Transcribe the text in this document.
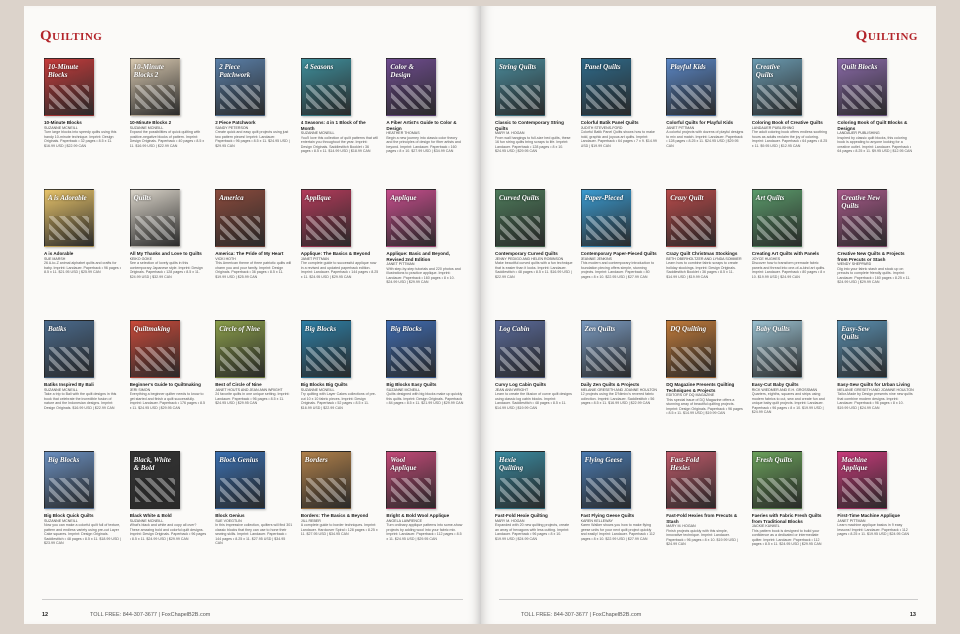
Quilting
10-Minute Blocks
10-Minute Blocks
SUZANNE MCNEILL
Turn large blocks into speedy quilts using this handy 10-minute technique. Imprint: Design Originals. Paperback • 32 pages • 8.5 x 11. $16.99 USD | $22.99 CAN
10-Minute Blocks 2
10-Minute Blocks 2
SUZANNE MCNEILL
Expand the possibilities of quick quilting with positive-negative blocks of pattern. Imprint: Design Originals. Paperback • 40 pages • 8.5 x 11. $16.99 USD | $22.99 CAN
2 Piece Patchwork
2 Piece Patchwork
SANDY PETERSON
Create quick and easy quilt projects using just two pattern pieces! Imprint: Landauer. Paperback • 96 pages • 8.5 x 11. $24.95 USD | $29.95 CAN
4 Seasons
4 Seasons: 4 in 1 Block of the Month
SUZANNE MCNEILL
You'll love this collection of quilt patterns that will entertain you throughout the year. Imprint: Design Originals. Saddlestitch Booklet • 36 pages • 8.5 x 11. $14.99 USD | $18.99 CAN
Color & Design
A Fiber Artist's Guide to Color & Design
HEATHER THOMAS
Begin a new journey into classic color theory and the principles of design for fiber artists and beyond. Imprint: Landauer. Paperback • 160 pages • 8 x 10. $27.99 USD | $34.99 CAN
A is Adorable
A is Adorable
SUE MARSH
26 A-to-Z animal alphabet quilts and crafts for baby. Imprint: Landauer. Paperback • 96 pages • 8.5 x 11. $21.95 USD | $25.99 CAN
Quilts
All My Thanks and Love to Quilts
KEIKO GOKE
See a selection of lovely quilts in this contemporary Japanese style. Imprint: Design Originals. Paperback • 128 pages • 8.5 x 11. $24.99 USD | $32.99 CAN
America
America: The Pride of My Heart
VICKI HOTH
This American theme of three patriotic quilts will charm you and your family. Imprint: Design Originals. Paperback • 36 pages • 8.5 x 11. $19.99 USD | $25.99 CAN
Applique
Applique: The Basics & Beyond
JANET PITTMAN
The complete guide to successful applique now in a revised and updated paperback edition. Imprint: Landauer. Paperback • 144 pages • 8.25 x 11. $24.95 USD | $29.95 CAN
Applique
Applique: Basic and Beyond, Revised 2nd Edition
JANET PITTMAN
With step-by-step tutorials and 220 photos and illustrations to practice applique. Imprint: Landauer. Paperback • 160 pages • 8 x 10. $24.99 USD | $29.99 CAN
Batiks
Batiks Inspired By Bali
SUZANNE MCNEILL
Take a trip to Bali with the quilt designs in this book that celebrate the incredible fusion of nature and the Indonesian designs. Imprint: Design Originals. $16.99 USD | $22.99 CAN
Quiltmaking
Beginner's Guide to Quiltmaking
JERI SIMON
Everything a beginner quilter needs to know to get started and finish a quilt successfully. Imprint: Landauer. Paperback • 176 pages • 8.5 x 11. $24.95 USD | $29.95 CAN
Circle of Nine
Best of Circle of Nine
JANET HOUTS AND JEAN ANN WRIGHT
24 favorite quilts in one unique setting. Imprint: Landauer. Paperback • 96 pages • 8.5 x 11. $24.95 USD | $29.95 CAN
Big Blocks
Big Blocks Big Quilts
SUZANNE MCNEILL
Try quilting with Layer Cakes collections of pre-cut 10 x 10 fabric pieces. Imprint: Design Originals. Paperback • 52 pages • 8.5 x 11. $16.99 USD | $22.99 CAN
Big Blocks
Big Blocks Easy Quilts
SUZANNE MCNEILL
Quilts designed with big blocks make up quickly this quilts. Imprint: Design Originals. Paperback • 84 pages • 8.5 x 11. $21.99 USD | $29.99 CAN
Big Blocks
Big Block Quick Quilts
SUZANNE MCNEILL
Now you can make a colorful quilt full of texture, pattern and endless variety using pre-cut Layer Cake squares. Imprint: Design Originals. Saddlestitch • 48 pages • 8.5 x 11. $18.99 USD | $23.99 CAN
Black, White & Bold
Black White & Bold
SUZANNE MCNEILL
What's black and white and copy all over? These amazing bold and colorful quilt designs. Imprint: Design Originals. Paperback • 96 pages • 8.5 x 11. $24.99 USD | $29.99 CAN
Block Genius
Block Genius
SUE VOEGTLIN
In this impressive collection, quilters will find 301 classic blocks that they can use to hone their sewing skills. Imprint: Landauer. Paperback • 144 pages • 8.25 x 11. $27.95 USD | $34.95 CAN
Borders
Borders: The Basics & Beyond
JILL REBER
A complete guide to border techniques. Imprint: Landauer. Hardcover Spiral • 128 pages • 8.25 x 11. $27.95 USD | $34.95 CAN
Wool Applique
Bright & Bold Wool Applique
ANGELA LAWRENCE
Turn ordinary applique patterns into some-show projects by adding wool into your fabric mix. Imprint: Landauer. Paperback • 112 pages • 8.5 x 11. $24.95 USD | $29.95 CAN
12	TOLL FREE: 844-307-3677 | FoxChapelB2B.com
Quilting
String Quilts
Classic to Contemporary String Quilts
MARY M. HOGAN
From wall hangings to full-size bed quilts, these 16 fun string quilts bring scraps to life. Imprint: Landauer. Paperback • 128 pages • 8 x 10. $24.95 USD | $29.95 CAN
Panel Quilts
Colorful Batik Panel Quilts
JUDITH STEVENS-FORD
Colorful Batik Panel Quilts shows how to make bold, graphic and joyous art quilts. Imprint: Landauer. Paperback • 64 pages • 7 x 9. $14.99 USD | $19.99 CAN
Playful Kids
Colorful Quilts for Playful Kids
JANET PITTMAN
A colorful projects with dozens of playful designs to mix and match. Imprint: Landauer. Paperback • 128 pages • 8.25 x 11. $24.95 USD | $29.95 CAN
Creative Quilts
Coloring Book of Creative Quilts
LANDAUER PUBLISHING
The adult coloring book offers endless soothing hours as adults reclaim the joy of coloring. Imprint: Landauer. Paperback • 64 pages • 8.25 x 11. $9.95 USD | $12.95 CAN
Quilt Blocks
Coloring Book of Quilt Blocks & Designs
LANDAUER PUBLISHING
Inspired by classic quilt blocks, this coloring book is appealing to anyone looking for a creative outlet. Imprint: Landauer. Paperback • 64 pages • 8.25 x 11. $9.95 USD | $12.95 CAN
Curved Quilts
Contemporary Curved Quilts
JENNY PEDIGO AND HELEN ROBINSON
Make beautiful curved quilts with a fun technique that is easier than it looks. Imprint: Landauer. Saddlestitch • 48 pages • 8.5 x 11. $16.99 USD | $22.99 CAN
Paper-Pieced
Contemporary Paper-Pieced Quilts
JEANNIE JENKINS
This modern and contemporary introduction to foundation piecing offers simple, stunning projects. Imprint: Landauer. Paperback • 80 pages • 8 x 10. $22.95 USD | $27.99 CAN
Crazy Quilt
Crazy Quilt Christmas Stockings
BETH OBERHOLTZER AND LYNDA SOMMER
Learn how to combine fabric scraps to create holiday stockings. Imprint: Design Originals. Saddlestitch Booklet • 36 pages • 8.5 x 11. $14.99 USD | $19.99 CAN
Art Quilts
Creating Art Quilts with Panels
JOYCE HUGHES
Discover how to transform premade fabric panels and thread into one-of-a-kind art quilts. Imprint: Landauer. Paperback • 80 pages • 8 x 10. $19.99 USD | $24.99 CAN
Creative New Quilts
Creative New Quilts & Projects from Precuts or Stash
WENDY SHEPPARD
Dig into your fabric stash and stock up on precuts to complete friendly quilts. Imprint: Landauer. Paperback • 160 pages • 8.25 x 11. $24.99 USD | $29.99 CAN
Log Cabin
Curvy Log Cabin Quilts
JEAN ANN WRIGHT
Learn to create the illusion of curve quilt designs using classic log cabin blocks. Imprint: Landauer. Saddlestitch • 48 pages • 8.5 x 11. $14.99 USD | $19.99 CAN
Zen Quilts
Daily Zen Quilts & Projects
MELANIE GRESETH AND JOANNE HOULTON
12 projects using the D'Nimiro's revered fabric collection. Imprint: Landauer. Saddlestitch • 56 pages • 8.5 x 11. $16.99 USD | $22.99 CAN
DQ Quilting
DQ Magazine Presents Quilting Techniques & Projects
EDITORS OF DQ MAGAZINE
This special issue of DQ Magazine offers a stunning array of beautiful quilting projects. Imprint: Design Originals. Paperback • 96 pages • 8.5 x 11. $14.99 USD | $19.99 CAN
Baby Quilts
Easy-Cut Baby Quilts
RICK WIEDMER AND E.H. GROSSMAN
Quarters, eighths, squares and strips using modern fabrics to cut, sew and create fun and unique baby quilt projects. Imprint: Landauer. Paperback • 96 pages • 8 x 10. $19.99 USD | $24.99 CAN
Easy-Sew Quilts
Easy-Sew Quilts for Urban Living
MELANIE GRESETH AND JOANNE HOULTON
Tailor-Made by Design presents nine new quilts that combine modern designs. Imprint: Landauer. Paperback • 96 pages • 8 x 10. $19.99 USD | $24.99 CAN
Hexie Quilting
Fast-Fold Hexie Quilting
MARY M. HOGAN
Expanded with 20 new quilting projects, create an array of hexagons with less cutting. Imprint: Landauer. Paperback • 96 pages • 8 x 10. $19.99 USD | $24.99 CAN
Flying Geese
Fast Flying Geese Quilts
KAREN KELLEWAY
Karen Walker shows you how to make flying geese units for your next quilt project quickly and easily! Imprint: Landauer. Paperback • 112 pages • 8 x 10. $22.99 USD | $27.99 CAN
Fast-Fold Hexies
Fast-Fold Hexies from Precuts & Stash
MARY M. HOGAN
Finish projects quickly with this simple, innovative technique. Imprint: Landauer. Paperback • 96 pages • 8 x 10. $19.99 USD | $24.99 CAN
Fresh Quilts
Faeries with Fabric Fresh Quilts from Traditional Blocks
JACKIE KUNKEL
This pattern book is designed to build your confidence as a dedicated or intermediate quilter. Imprint: Landauer. Paperback • 112 pages • 8.5 x 11. $24.95 USD | $29.95 CAN
Machine Applique
First-Time Machine Applique
JANET PITTMAN
Learn machine applique basics in 9 easy lessons! Imprint: Landauer. Paperback • 112 pages • 8.25 x 11. $19.95 USD | $24.95 CAN
TOLL FREE: 844-307-3677 | FoxChapelB2B.com	13
